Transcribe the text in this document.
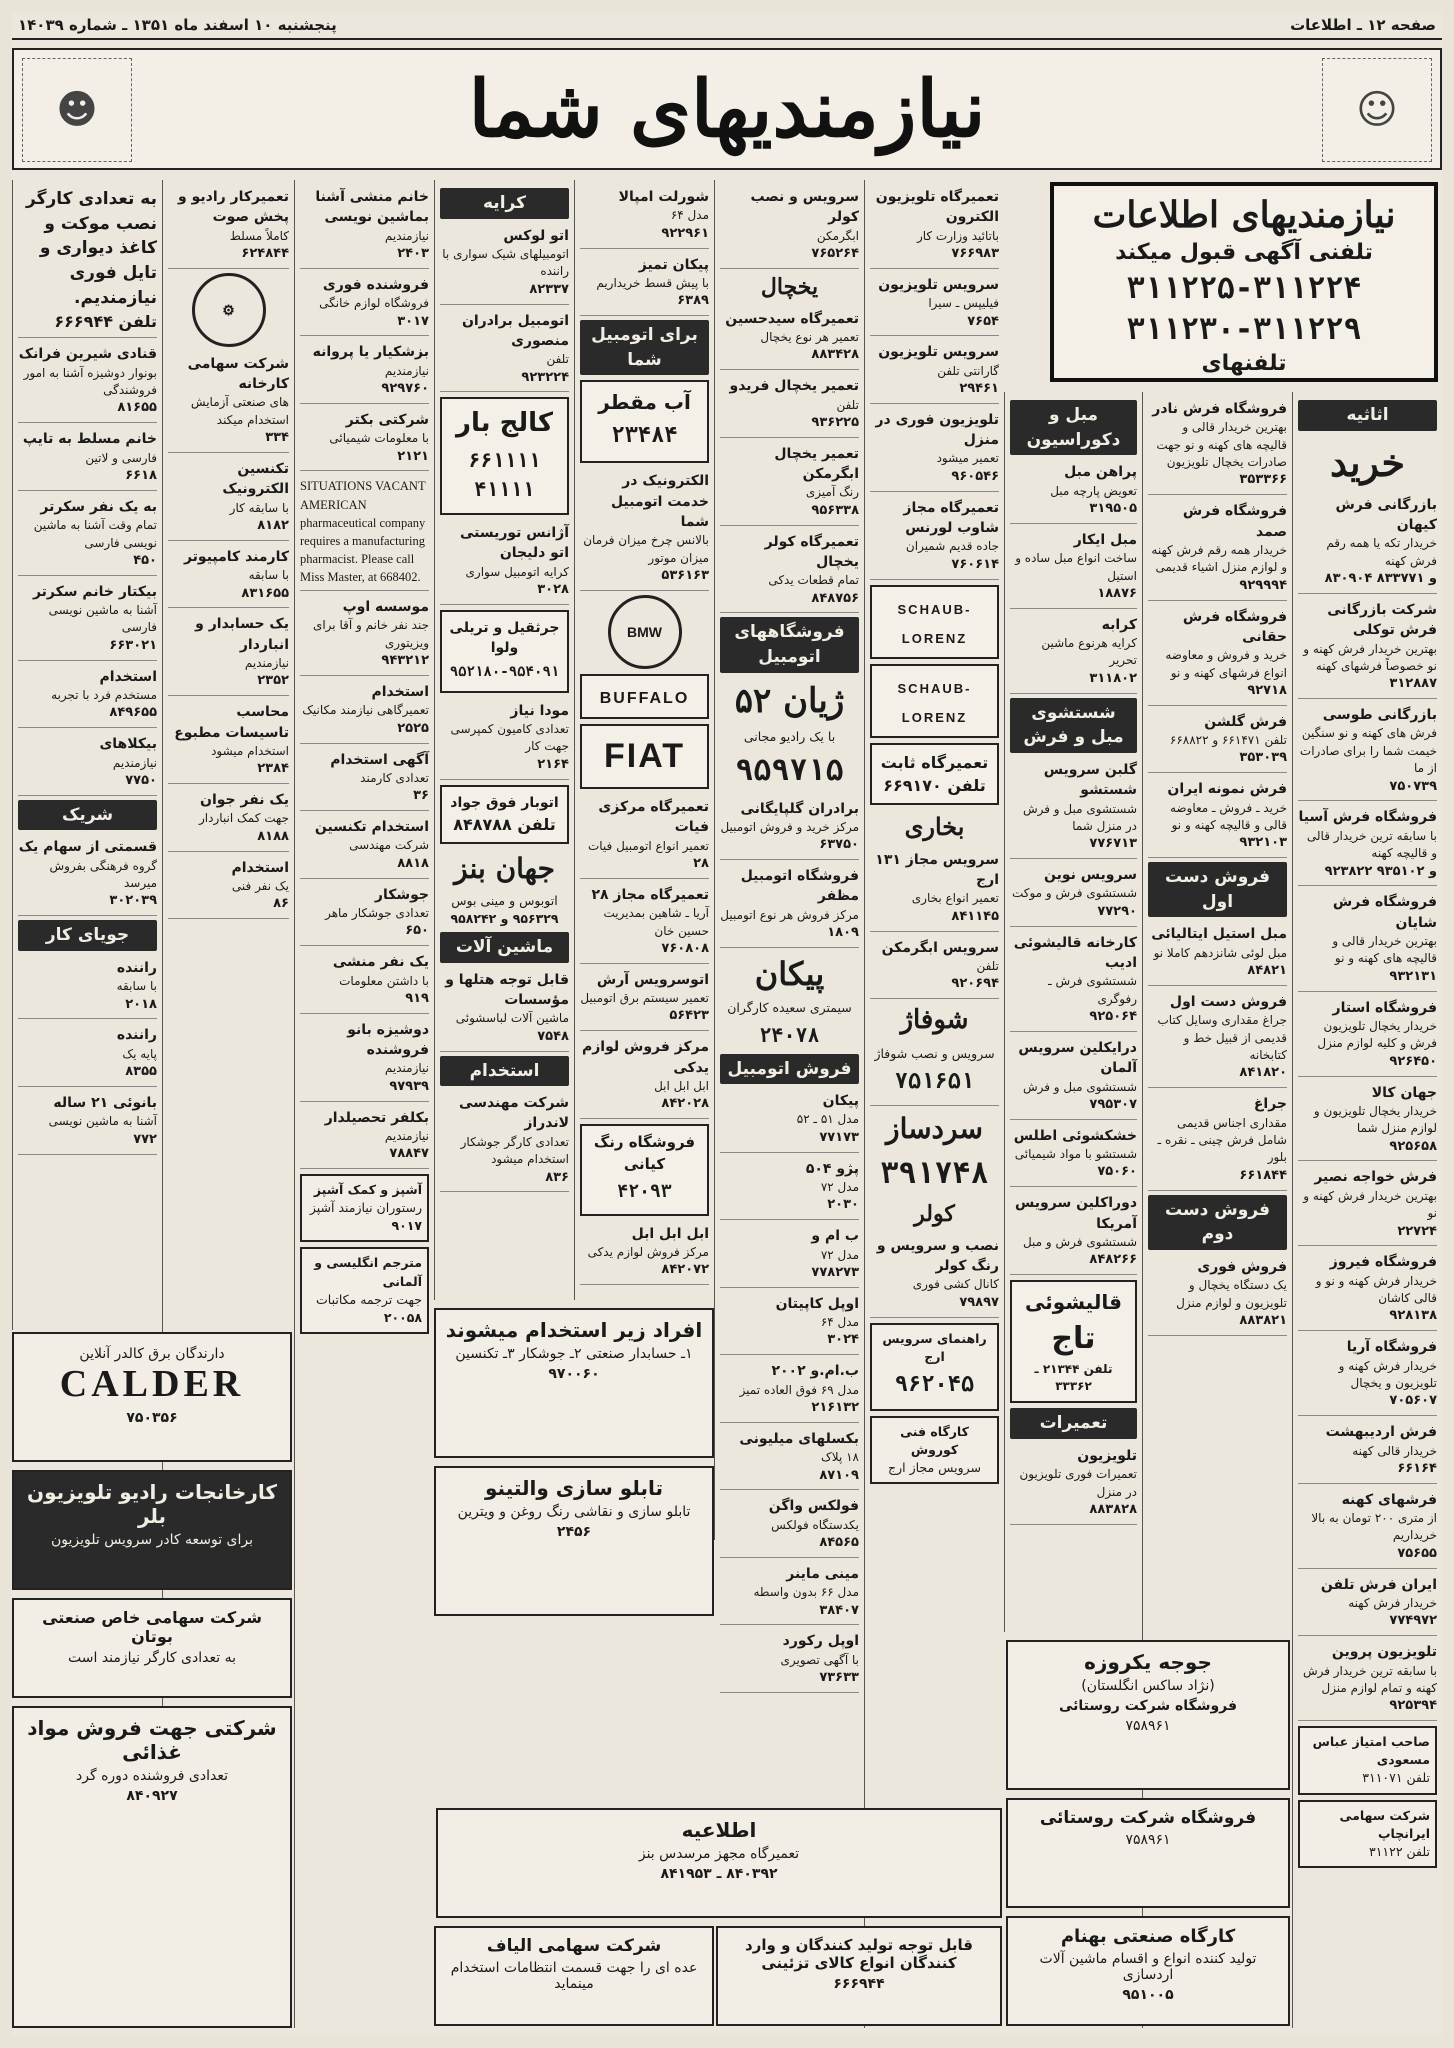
صفحه ۱۲ ـ اطلاعات
پنجشنبه ۱۰ اسفند ماه ۱۳۵۱ ـ شماره ۱۴۰۳۹
☻	نیازمندیهای شما	☺
نیازمندیهای اطلاعات
تلفنی آگهی قبول میکند
۳۱۱۲۲۵-۳۱۱۲۲۴
۳۱۱۲۳۰-۳۱۱۲۲۹
تلفنهای
اثاثیه
خرید
بازرگانی فرش کیهان
خریدار تکه یا همه رقم فرش کهنه
۸۳۰۹۰۴ و ۸۳۳۷۷۱
شرکت بازرگانی فرش توکلی
بهترین خریدار فرش کهنه و نو خصوصاً فرشهای کهنه
۳۱۲۸۸۷
بازرگانی طوسی
فرش های کهنه و نو سنگین خیمت شما را برای صادرات از ما
۷۵۰۷۳۹
فروشگاه فرش آسیا
با سابقه ترین خریدار قالی و قالیچه کهنه
۹۲۳۸۲۲ و ۹۳۵۱۰۲
فروشگاه فرش شایان
بهترین خریدار قالی و قالیچه های کهنه و نو
۹۳۲۱۳۱
فروشگاه استار
خریدار یخچال تلویزیون فرش و کلیه لوازم منزل
۹۲۶۴۵۰
جهان کالا
خریدار یخچال تلویزیون و لوازم منزل شما
۹۲۵۶۵۸
فرش خواجه نصیر
بهترین خریدار فرش کهنه و نو
۲۲۷۲۴
فروشگاه فیروز
خریدار فرش کهنه و نو و قالی کاشان
۹۲۸۱۳۸
فروشگاه آریا
خریدار فرش کهنه و تلویزیون و یخچال
۷۰۵۶۰۷
فرش اردیبهشت
خریدار قالی کهنه
۶۶۱۶۴
فرشهای کهنه
از متری ۲۰۰ تومان به بالا خریداریم
۷۵۶۵۵
ایران فرش تلفن
خریدار فرش کهنه
۷۷۴۹۷۲
تلویزیون پروین
با سابقه ترین خریدار فرش کهنه و تمام لوازم منزل
۹۲۵۳۹۴
صاحب امتیاز عباس مسعودی
تلفن ۳۱۱۰۷۱
شرکت سهامی ایرانچاپ
تلفن ۳۱۱۲۲
فروشگاه فرش نادر
بهترین خریدار قالی و قالیچه های کهنه و نو جهت صادرات یخچال تلویزیون
۳۵۳۳۶۶
فروشگاه فرش صمد
خریدار همه رقم فرش کهنه و لوازم منزل اشیاء قدیمی
۹۲۹۹۹۴
فروشگاه فرش حقانی
خرید و فروش و معاوضه انواع فرشهای کهنه و نو
۹۲۷۱۸
فرش گلشن
تلفن ۶۶۱۴۷۱ و ۶۶۸۸۲۲
۳۵۳۰۳۹
فرش نمونه ایران
خرید ـ فروش ـ معاوضه قالی و قالیچه کهنه و نو
۹۳۲۱۰۳
فروش دست اول
مبل استیل ایتالیائی
مبل لوئی شانزدهم کاملا نو
۸۴۸۲۱
فروش دست اول
جراغ مقداری وسایل کتاب قدیمی از قبیل خط و کتابخانه
۸۴۱۸۲۰
جراغ
مقداری اجناس قدیمی شامل فرش چینی ـ نقره ـ بلور
۶۶۱۸۴۴
فروش دست دوم
فروش فوری
یک دستگاه یخچال و تلویزیون و لوازم منزل
۸۸۳۸۲۱
مبل و دکوراسیون
پراهن مبل
تعویض پارچه مبل
۳۱۹۵۰۵
مبل ایکار
ساخت انواع مبل ساده و استیل
۱۸۸۷۶
کرابه
کرایه هرنوع ماشین تحریر
۳۱۱۸۰۲
شستشوی مبل و فرش
گلبن سرویس شستشو
شستشوی مبل و فرش در منزل شما
۷۷۶۷۱۳
سرویس نوین
شستشوی فرش و موکت
۷۷۲۹۰
کارخانه قالیشوئی ادیب
شستشوی فرش ـ رفوگری
۹۲۵۰۶۴
درایکلین سرویس آلمان
شستشوی مبل و فرش
۷۹۵۳۰۷
خشکشوئی اطلس
شستشو با مواد شیمیائی
۷۵۰۶۰
دوراکلین سرویس آمریکا
شستشوی فرش و مبل
۸۴۸۲۶۶
قالیشوئی
تاج
تلفن ۲۱۳۴۴ ـ ۳۳۳۶۲
تعمیرات
تلویزیون
تعمیرات فوری تلویزیون در منزل
۸۸۳۸۲۸
جوجه یکروزه
(نژاد ساکس انگلستان)
فروشگاه شرکت روستائی
۷۵۸۹۶۱
تعمیرگاه تلویزیون الکترون
باتائید وزارت کار
۷۶۶۹۸۳
سرویس تلویزیون
فیلیپس ـ سیرا
۷۶۵۴
سرویس تلویزیون
گارانتی تلفن
۲۹۴۶۱
تلویزیون فوری در منزل
تعمیر میشود
۹۶۰۵۴۶
تعمیرگاه مجاز شاوب لورنس
جاده قدیم شمیران
۷۶۰۶۱۴
SCHAUB-LORENZ
SCHAUB-LORENZ
تعمیرگاه ثابت
تلفن ۶۶۹۱۷۰
بخاری
سرویس مجاز ۱۳۱ ارج
تعمیر انواع بخاری
۸۴۱۱۴۵
سرویس ابگرمکن
تلفن
۹۲۰۶۹۴
شوفاژ
سرویس و نصب شوفاژ
۷۵۱۶۵۱
سردساز
۳۹۱۷۴۸
کولر
نصب و سرویس و رنگ کولر
کانال کشی فوری
۷۹۸۹۷
راهنمای سرویس ارج
۹۶۲۰۴۵
کارگاه فنی کوروش
سرویس مجاز ارج
سرویس و نصب کولر
ابگرمکن
۷۶۵۲۶۴
یخچال
تعمیرگاه سیدحسین
تعمیر هر نوع یخچال
۸۸۳۴۲۸
تعمیر یخچال فریدو
تلفن
۹۳۶۲۲۵
تعمیر یخچال ابگرمکن
رنگ آمیزی
۹۵۶۳۳۸
تعمیرگاه کولر یخچال
تمام قطعات یدکی
۸۴۸۷۵۶
فروشگاههای اتومبیل
ژیان ۵۲
با یک رادیو مجانی
۹۵۹۷۱۵
برادران گلپایگانی
مرکز خرید و فروش اتومبیل
۶۳۷۵۰
فروشگاه اتومبیل مظفر
مرکز فروش هر نوع اتومبیل
۱۸۰۹
پیکان
سیمتری سعیده کارگران
۲۴۰۷۸
فروش اتومبیل
پیکان
مدل ۵۱ ـ ۵۲
۷۷۱۷۳
پژو ۵۰۴
مدل ۷۲
۲۰۳۰
ب ام و
مدل ۷۲
۷۷۸۲۷۳
اوپل کاپیتان
مدل ۶۴
۳۰۲۴
ب.ام.و ۲۰۰۲
مدل ۶۹ فوق العاده تمیز
۲۱۶۱۳۲
بکسلهای میلیونی
۱۸ پلاک
۸۷۱۰۹
فولکس واگن
یکدستگاه فولکس
۸۴۵۶۵
مینی ماینر
مدل ۶۶ بدون واسطه
۳۸۴۰۷
اوپل رکورد
با آگهی تصویری
۷۳۶۳۳
شورلت امپالا
مدل ۶۴
۹۲۲۹۶۱
پیکان تمیز
با پیش قسط خریداریم
۶۳۸۹
برای اتومبیل شما
آب مقطر
۲۳۴۸۴
الکترونیک در خدمت اتومبیل شما
بالانس چرخ میزان فرمان میزان موتور
۵۳۶۱۶۳
BMW
BUFFALO
FIAT
تعمیرگاه مرکزی فیات
تعمیر انواع اتومبیل فیات
۲۸
تعمیرگاه مجاز ۲۸
آریا ـ شاهین بمدیریت حسین خان
۷۶۰۸۰۸
اتوسرویس آرش
تعمیر سیستم برق اتومبیل
۵۶۴۲۳
مرکز فروش لوازم یدکی
ابل ابل ابل
۸۴۲۰۲۸
فروشگاه رنگ کیانی
۴۲۰۹۳
ابل ابل ابل
مرکز فروش لوازم یدکی
۸۴۲۰۷۲
کرایه
اتو لوکس
اتومبیلهای شیک سواری با راننده
۸۲۳۳۷
اتومبیل برادران منصوری
تلفن
۹۲۳۲۲۴
کالج بار
۶۶۱۱۱۱ ۴۱۱۱۱
آژانس توریستی اتو دلیجان
کرایه اتومبیل سواری
۳۰۲۸
جرثقیل و تریلی ولوا
۹۵۲۱۸۰-۹۵۴۰۹۱
مودا نیاز
تعدادی کامیون کمپرسی جهت کار
۲۱۶۴
اتوبار فوق جواد
تلفن ۸۴۸۷۸۸
جهان بنز
اتوبوس و مینی بوس
۹۵۶۳۲۹ و ۹۵۸۲۴۲
ماشین آلات
قابل توجه هتلها و مؤسسات
ماشین آلات لباسشوئی
۷۵۴۸
استخدام
شرکت مهندسی لاندراز
تعدادی کارگر جوشکار استخدام میشود
۸۳۶
افراد زیر استخدام میشوند
۱ـ حسابدار صنعتی ۲ـ جوشکار ۳ـ تکنسین
۹۷۰۰۶۰
تابلو سازی والتینو
تابلو سازی و نقاشی رنگ روغن و ویترین
۲۴۵۶
خانم منشی آشنا بماشین نویسی
نیازمندیم
۲۴۰۳
فروشنده فوری
فروشگاه لوازم خانگی
۳۰۱۷
بزشکیار یا پروانه
نیازمندیم
۹۲۹۷۶۰
شرکتی بکتر
با معلومات شیمیائی
۲۱۲۱
SITUATIONS VACANT AMERICAN pharmaceutical company requires a manufacturing pharmacist. Please call Miss Master, at 668402.
موسسه اوپ
جند نفر خانم و آقا برای ویزیتوری
۹۴۳۲۱۲
استخدام
تعمیرگاهی نیازمند مکانیک
۲۵۲۵
آگهی استخدام
تعدادی کارمند
۳۶
استخدام تکنسین
شرکت مهندسی
۸۸۱۸
جوشکار
تعدادی جوشکار ماهر
۶۵۰
یک نفر منشی
با داشتن معلومات
۹۱۹
دوشیزه بانو فروشنده
نیازمندیم
۹۷۹۳۹
بکلفر تحصیلدار
نیازمندیم
۷۸۸۴۷
آشپز و کمک آشپز
رستوران نیازمند آشپز
۹۰۱۷
مترجم انگلیسی و آلمانی
جهت ترجمه مکاتبات
۲۰۰۵۸
تعمیرکار رادیو و پخش صوت
کاملاً مسلط
۶۲۴۸۴۴
⚙
شرکت سهامی کارخانه
های صنعتی آزمایش استخدام میکند
۳۳۴
تکنسین الکترونیک
با سابقه کار
۸۱۸۲
کارمند کامپیوتر
با سابقه
۸۳۱۶۵۵
یک حسابدار و انباردار
نیازمندیم
۲۳۵۲
محاسب تاسیسات مطبوع
استخدام میشود
۲۳۸۴
یک نفر جوان
جهت کمک انباردار
۸۱۸۸
استخدام
یک نفر فنی
۸۶
به تعدادی کارگر نصب موکت و کاغذ دیواری و تایل فوری نیازمندیم.
تلفن ۶۶۶۹۴۴
قنادی شیرین فرانک
بونوار دوشیزه آشنا به امور فروشندگی
۸۱۶۵۵
خانم مسلط به تایپ
فارسی و لاتین
۶۶۱۸
به یک نفر سکرتر
تمام وقت آشنا به ماشین نویسی فارسی
۴۵۰
بیکتار خانم سکرتر
آشنا به ماشین نویسی فارسی
۶۶۳۰۲۱
استخدام
مستخدم فرد با تجربه
۸۴۹۶۵۵
بیکلاهای
نیازمندیم
۷۷۵۰
شریک
قسمتی از سهام یک
گروه فرهنگی بفروش میرسد
۳۰۲۰۳۹
جویای کار
راننده
با سابقه
۲۰۱۸
راننده
پایه یک
۸۳۵۵
بانوئی ۲۱ ساله
آشنا به ماشین نویسی
۷۷۲
دارندگان برق کالدر آنلاین
CALDER
۷۵۰۳۵۶
کارخانجات رادیو تلویزیون بلر
برای توسعه کادر سرویس تلویزیون
شرکت سهامی خاص صنعتی بوتان
به تعدادی کارگر نیازمند است
شرکتی جهت فروش مواد غذائی
تعدادی فروشنده دوره گرد
۸۴۰۹۲۷
اطلاعیه
تعمیرگاه مجهز مرسدس بنز
۸۴۰۳۹۲ ـ ۸۴۱۹۵۳
شرکت سهامی الیاف
عده ای را جهت قسمت انتظامات استخدام مینماید
قابل توجه تولید کنندگان و وارد کنندگان انواع کالای تزئینی
۶۶۶۹۴۴
فروشگاه شرکت روستائی
۷۵۸۹۶۱
کارگاه صنعتی بهنام
تولید کننده انواع و اقسام ماشین آلات اردسازی
۹۵۱۰۰۵
